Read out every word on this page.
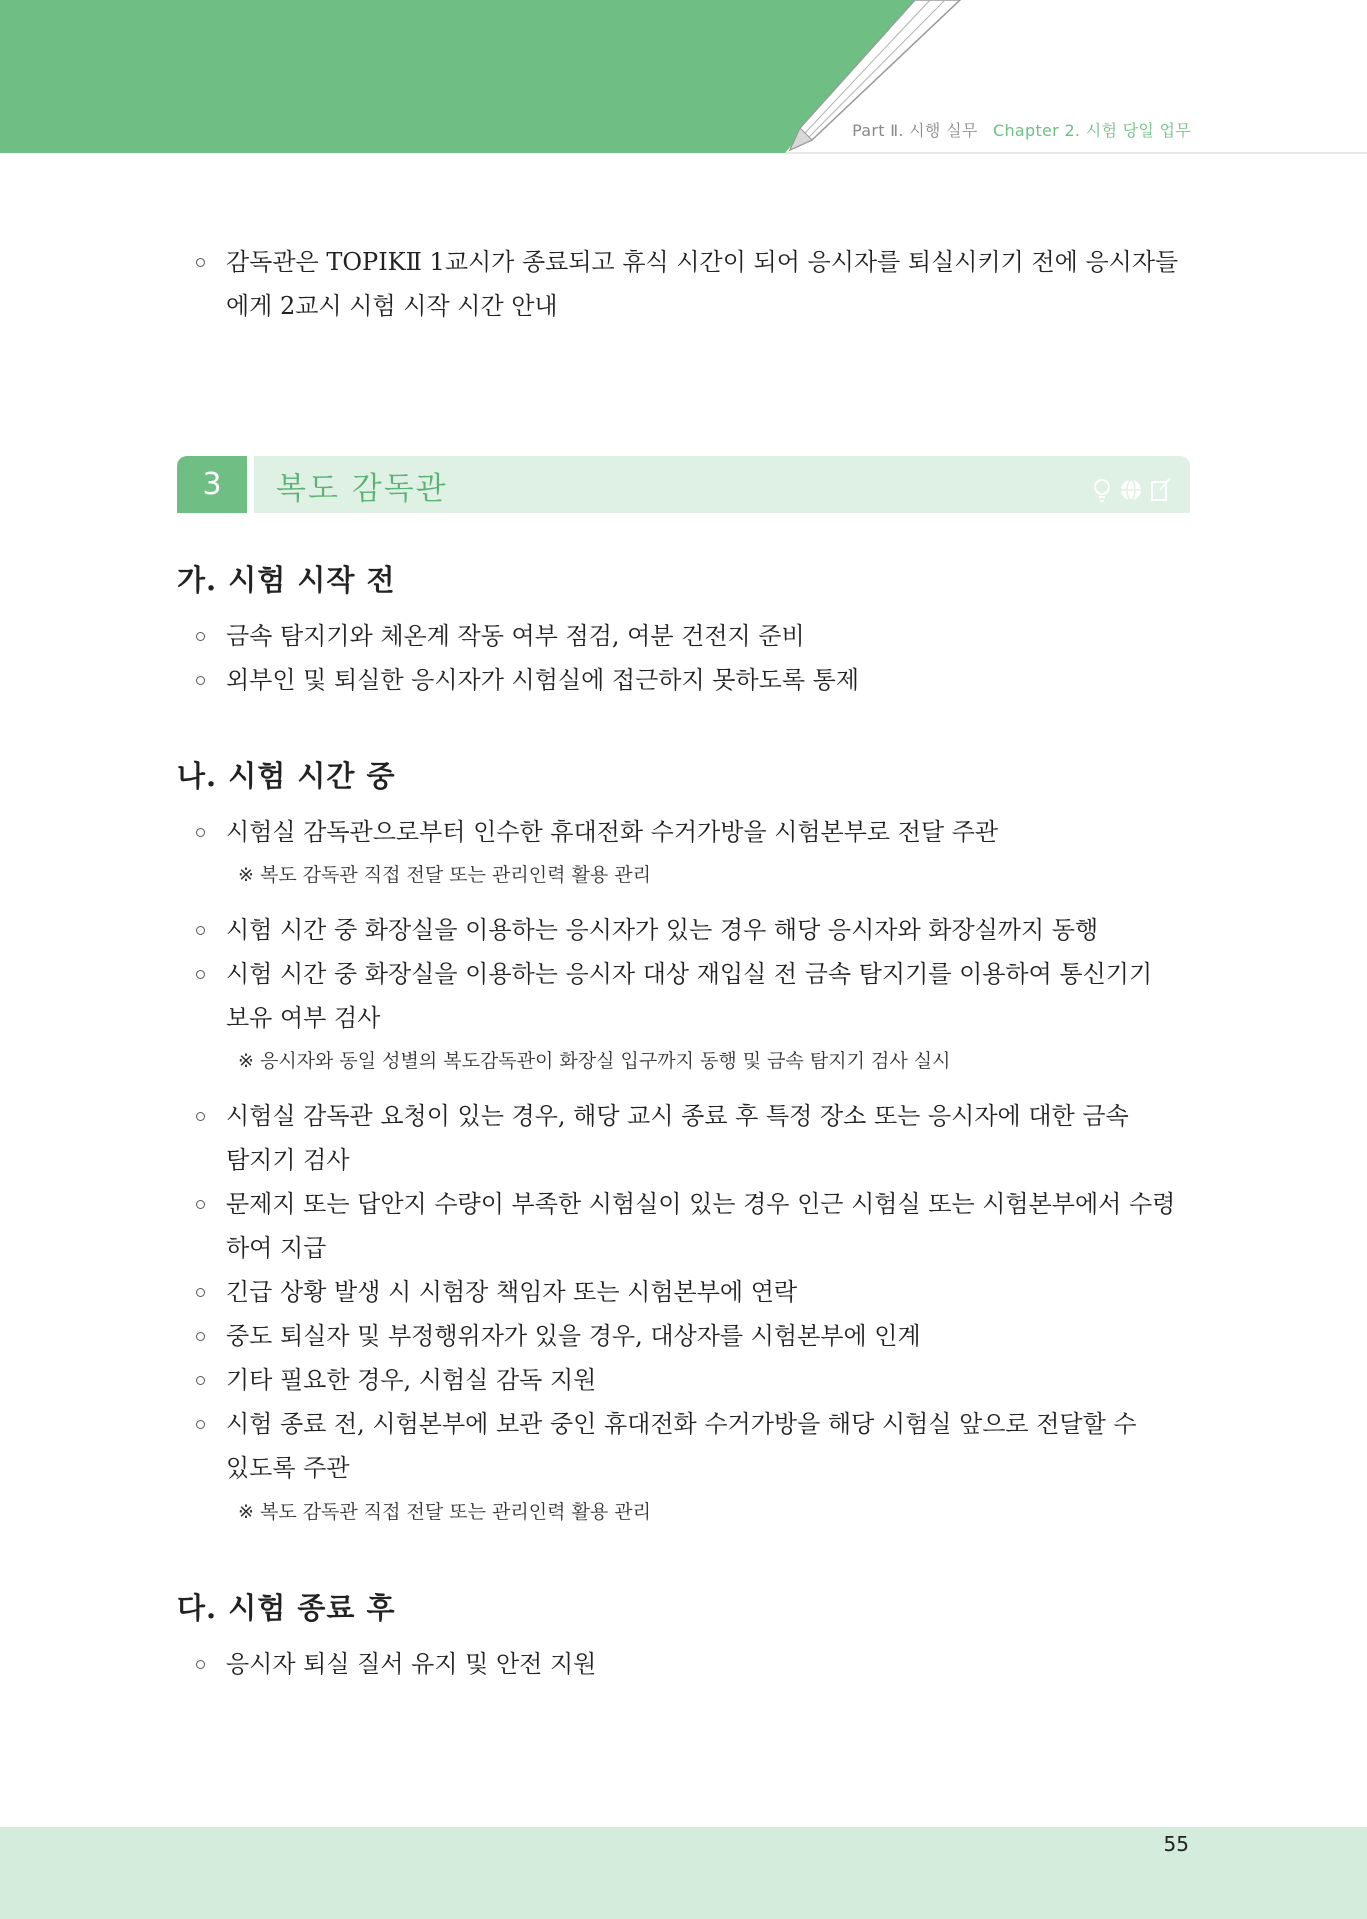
Part Ⅱ. 시행 실무 Chapter 2. 시험 당일 업무
감독관은 TOPIKⅡ 1교시가 종료되고 휴식 시간이 되어 응시자를 퇴실시키기 전에 응시자들
에게 2교시 시험 시작 시간 안내
3	복도 감독관
가. 시험 시작 전
금속 탐지기와 체온계 작동 여부 점검, 여분 건전지 준비
외부인 및 퇴실한 응시자가 시험실에 접근하지 못하도록 통제
나. 시험 시간 중
시험실 감독관으로부터 인수한 휴대전화 수거가방을 시험본부로 전달 주관
※ 복도 감독관 직접 전달 또는 관리인력 활용 관리
시험 시간 중 화장실을 이용하는 응시자가 있는 경우 해당 응시자와 화장실까지 동행
시험 시간 중 화장실을 이용하는 응시자 대상 재입실 전 금속 탐지기를 이용하여 통신기기
보유 여부 검사
※ 응시자와 동일 성별의 복도감독관이 화장실 입구까지 동행 및 금속 탐지기 검사 실시
시험실 감독관 요청이 있는 경우, 해당 교시 종료 후 특정 장소 또는 응시자에 대한 금속
탐지기 검사
문제지 또는 답안지 수량이 부족한 시험실이 있는 경우 인근 시험실 또는 시험본부에서 수령
하여 지급
긴급 상황 발생 시 시험장 책임자 또는 시험본부에 연락
중도 퇴실자 및 부정행위자가 있을 경우, 대상자를 시험본부에 인계
기타 필요한 경우, 시험실 감독 지원
시험 종료 전, 시험본부에 보관 중인 휴대전화 수거가방을 해당 시험실 앞으로 전달할 수
있도록 주관
※ 복도 감독관 직접 전달 또는 관리인력 활용 관리
다. 시험 종료 후
응시자 퇴실 질서 유지 및 안전 지원
55
